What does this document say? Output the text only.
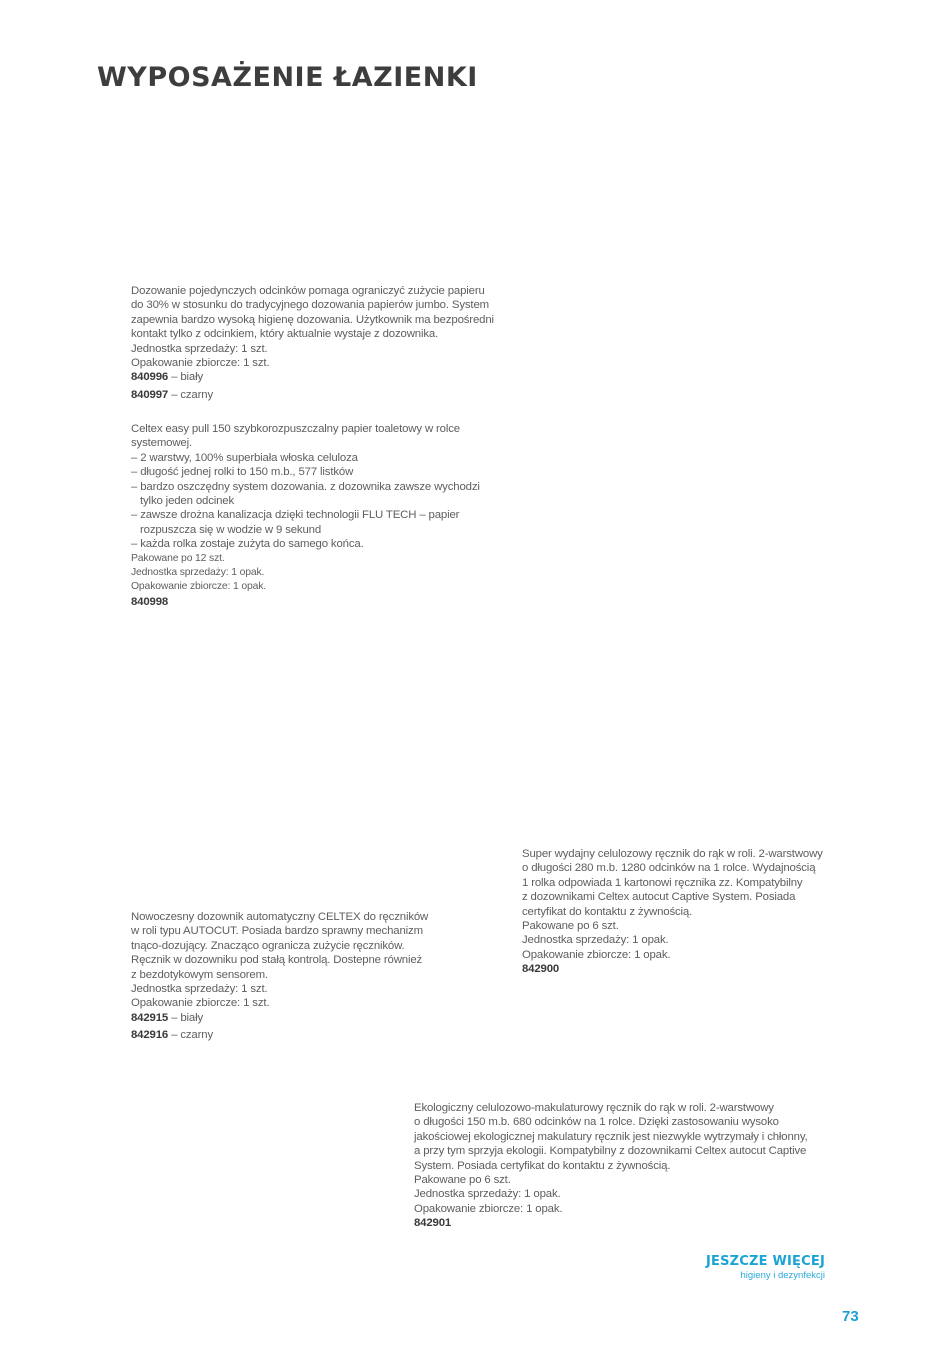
WYPOSAŻENIE ŁAZIENKI

Dozowanie pojedynczych odcinków pomaga ograniczyć zużycie papieru

do 30% w stosunku do tradycyjnego dozowania papierów jumbo. System

zapewnia bardzo wysoką higienę dozowania. Użytkownik ma bezpośredni

kontakt tylko z odcinkiem, który aktualnie wystaje z dozownika.

Jednostka sprzedaży: 1 szt.

Opakowanie zbiorcze: 1 szt.

840996 – biały

840997 – czarny

Celtex easy pull 150 szybkorozpuszczalny papier toaletowy w rolce

systemowej.

– 2 warstwy, 100% superbiała włoska celuloza

– długość jednej rolki to 150 m.b., 577 listków

– bardzo oszczędny system dozowania. z dozownika zawsze wychodzi

tylko jeden odcinek

– zawsze drożna kanalizacja dzięki technologii FLU TECH – papier

rozpuszcza się w wodzie w 9 sekund

– każda rolka zostaje zużyta do samego końca.

Pakowane po 12 szt.

Jednostka sprzedaży: 1 opak.

Opakowanie zbiorcze: 1 opak.

840998

Super wydajny celulozowy ręcznik do rąk w roli. 2-warstwowy

o długości 280 m.b. 1280 odcinków na 1 rolce. Wydajnością

1 rolka odpowiada 1 kartonowi ręcznika zz. Kompatybilny

z dozownikami Celtex autocut Captive System. Posiada

certyfikat do kontaktu z żywnością.

Pakowane po 6 szt.

Jednostka sprzedaży: 1 opak.

Opakowanie zbiorcze: 1 opak.

842900

Nowoczesny dozownik automatyczny CELTEX do ręczników

w roli typu AUTOCUT. Posiada bardzo sprawny mechanizm

tnąco-dozujący. Znacząco ogranicza zużycie ręczników.

Ręcznik w dozowniku pod stałą kontrolą. Dostepne również

z bezdotykowym sensorem.

Jednostka sprzedaży: 1 szt.

Opakowanie zbiorcze: 1 szt.

842915 – biały

842916 – czarny

Ekologiczny celulozowo-makulaturowy ręcznik do rąk w roli. 2-warstwowy

o długości 150 m.b. 680 odcinków na 1 rolce. Dzięki zastosowaniu wysoko

jakościowej ekologicznej makulatury ręcznik jest niezwykle wytrzymały i chłonny,

a przy tym sprzyja ekologii. Kompatybilny z dozownikami Celtex autocut Captive

System. Posiada certyfikat do kontaktu z żywnością.

Pakowane po 6 szt.

Jednostka sprzedaży: 1 opak.

Opakowanie zbiorcze: 1 opak.

842901

JESZCZE WIĘCEJ
higieny i dezynfekcji
73
